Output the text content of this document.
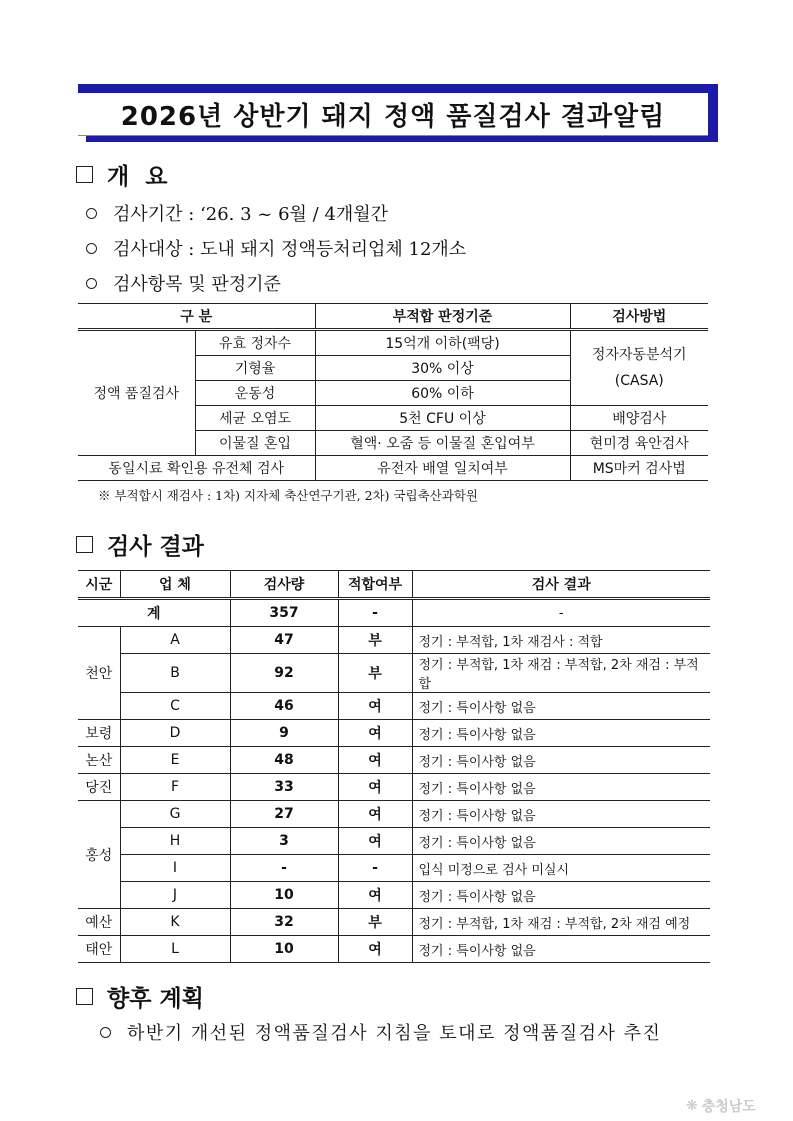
2026년 상반기 돼지 정액 품질검사 결과알림
개 요
검사기간 : ‘26. 3 ~ 6월 / 4개월간
검사대상 : 도내 돼지 정액등처리업체 12개소
검사항목 및 판정기준
구 분		부적합 판정기준	검사방법
정액 품질검사	유효 정자수	15억개 이하(팩당)	정자자동분석기
(CASA)

	기형율	30% 이상	
	운동성	60% 이하	
	세균 오염도	5천 CFU 이상	배양검사
	이물질 혼입	혈액· 오줌 등 이물질 혼입여부	현미경 육안검사
동일시료 확인용 유전체 검사		유전자 배열 일치여부	MS마커 검사법
※ 부적합시 재검사 : 1차) 지자체 축산연구기관, 2차) 국립축산과학원
검사 결과
시군	업 체	검사량	적합여부	검사 결과
계		357	-	-
천안	A	47	부	정기 : 부적합, 1차 재검사 : 적합
	B	92	부	정기 : 부적합, 1차 재검 : 부적합, 2차 재검 : 부적합
	C	46	여	정기 : 특이사항 없음
보령	D	9	여	정기 : 특이사항 없음
논산	E	48	여	정기 : 특이사항 없음
당진	F	33	여	정기 : 특이사항 없음
홍성	G	27	여	정기 : 특이사항 없음
	H	3	여	정기 : 특이사항 없음
	I	-	-	입식 미정으로 검사 미실시
	J	10	여	정기 : 특이사항 없음
예산	K	32	부	정기 : 부적합, 1차 재검 : 부적합, 2차 재검 예정
태안	L	10	여	정기 : 특이사항 없음
향후 계획
하반기 개선된 정액품질검사 지침을 토대로 정액품질검사 추진
❋ 충청남도
